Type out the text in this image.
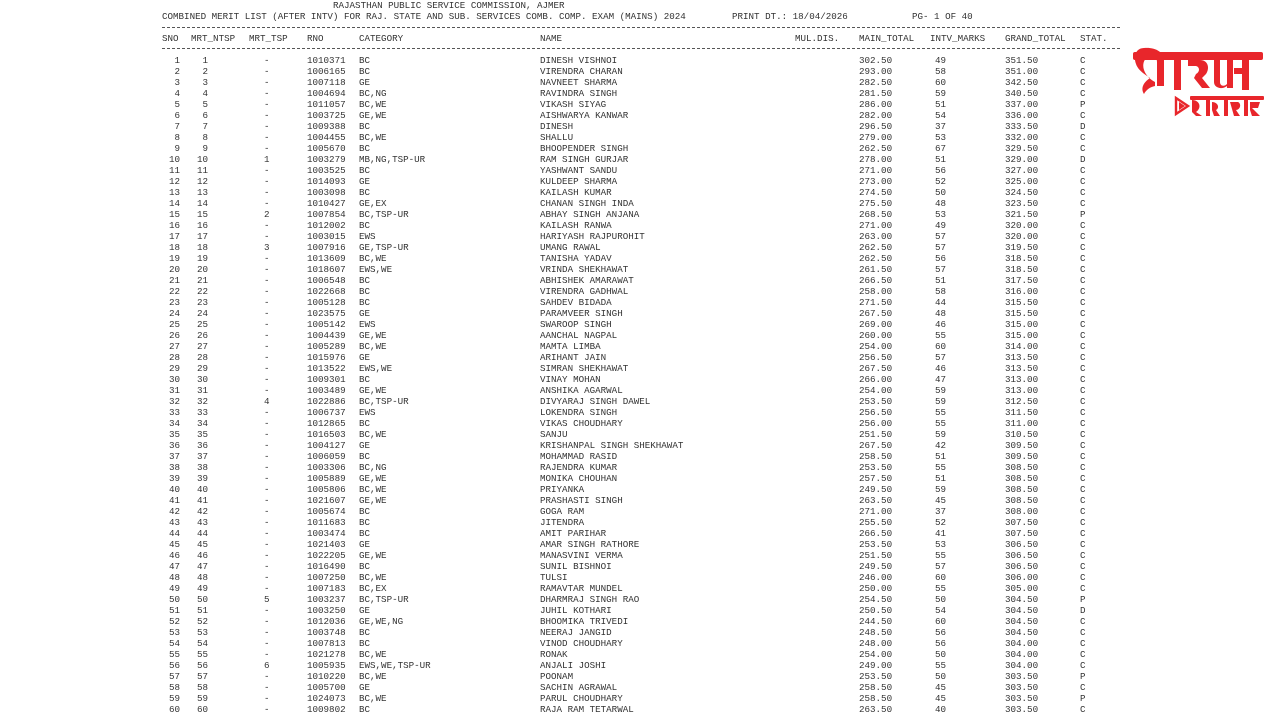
RAJASTHAN PUBLIC SERVICE COMMISSION, AJMER
COMBINED MERIT LIST (AFTER INTV) FOR RAJ. STATE AND SUB. SERVICES COMB. COMP. EXAM (MAINS) 2024	PRINT DT.: 18/04/2026	PG- 1 OF 40
SNO MRT_NTSP MRT_TSP RNO	CATEGORY	NAME	MUL.DIS. MAIN_TOTAL INTV_MARKS GRAND_TOTAL STAT.
1 1	-	1010371 BC	DINESH VISHNOI	302.50	49	351.50	C
2 2	-	1006165 BC	VIRENDRA CHARAN	293.00	58	351.00	C
3 3	-	1007118 GE	NAVNEET SHARMA	282.50	60	342.50	C
4 4	-	1004694 BC,NG	RAVINDRA SINGH	281.50	59	340.50	C
5 5	-	1011057 BC,WE	VIKASH SIYAG	286.00	51	337.00	P
6 6	-	1003725 GE,WE	AISHWARYA KANWAR	282.00	54	336.00	C
7 7	-	1009388 BC	DINESH	296.50	37	333.50	D
8 8	-	1004455 BC,WE	SHALLU	279.00	53	332.00	C
9 9	-	1005670 BC	BHOOPENDER SINGH	262.50	67	329.50	C
10 10	1	1003279 MB,NG,TSP-UR	RAM SINGH GURJAR	278.00	51	329.00	D
11 11	-	1003525 BC	YASHWANT SANDU	271.00	56	327.00	C
12 12	-	1014093 GE	KULDEEP SHARMA	273.00	52	325.00	C
13 13	-	1003098 BC	KAILASH KUMAR	274.50	50	324.50	C
14 14	-	1010427 GE,EX	CHANAN SINGH INDA	275.50	48	323.50	C
15 15	2	1007854 BC,TSP-UR	ABHAY SINGH ANJANA	268.50	53	321.50	P
16 16	-	1012002 BC	KAILASH RANWA	271.00	49	320.00	C
17 17	-	1003015 EWS	HARIYASH RAJPUROHIT	263.00	57	320.00	C
18 18	3	1007916 GE,TSP-UR	UMANG RAWAL	262.50	57	319.50	C
19 19	-	1013609 BC,WE	TANISHA YADAV	262.50	56	318.50	C
20 20	-	1018607 EWS,WE	VRINDA SHEKHAWAT	261.50	57	318.50	C
21 21	-	1006548 BC	ABHISHEK AMARAWAT	266.50	51	317.50	C
22 22	-	1022668 BC	VIRENDRA GADHWAL	258.00	58	316.00	C
23 23	-	1005128 BC	SAHDEV BIDADA	271.50	44	315.50	C
24 24	-	1023575 GE	PARAMVEER SINGH	267.50	48	315.50	C
25 25	-	1005142 EWS	SWAROOP SINGH	269.00	46	315.00	C
26 26	-	1004439 GE,WE	AANCHAL NAGPAL	260.00	55	315.00	C
27 27	-	1005289 BC,WE	MAMTA LIMBA	254.00	60	314.00	C
28 28	-	1015976 GE	ARIHANT JAIN	256.50	57	313.50	C
29 29	-	1013522 EWS,WE	SIMRAN SHEKHAWAT	267.50	46	313.50	C
30 30	-	1009301 BC	VINAY MOHAN	266.00	47	313.00	C
31 31	-	1003489 GE,WE	ANSHIKA AGARWAL	254.00	59	313.00	C
32 32	4	1022886 BC,TSP-UR	DIVYARAJ SINGH DAWEL	253.50	59	312.50	C
33 33	-	1006737 EWS	LOKENDRA SINGH	256.50	55	311.50	C
34 34	-	1012865 BC	VIKAS CHOUDHARY	256.00	55	311.00	C
35 35	-	1016503 BC,WE	SANJU	251.50	59	310.50	C
36 36	-	1004127 GE	KRISHANPAL SINGH SHEKHAWAT	267.50	42	309.50	C
37 37	-	1006059 BC	MOHAMMAD RASID	258.50	51	309.50	C
38 38	-	1003306 BC,NG	RAJENDRA KUMAR	253.50	55	308.50	C
39 39	-	1005889 GE,WE	MONIKA CHOUHAN	257.50	51	308.50	C
40 40	-	1005806 BC,WE	PRIYANKA	249.50	59	308.50	C
41 41	-	1021607 GE,WE	PRASHASTI SINGH	263.50	45	308.50	C
42 42	-	1005674 BC	GOGA RAM	271.00	37	308.00	C
43 43	-	1011683 BC	JITENDRA	255.50	52	307.50	C
44 44	-	1003474 BC	AMIT PARIHAR	266.50	41	307.50	C
45 45	-	1021403 GE	AMAR SINGH RATHORE	253.50	53	306.50	C
46 46	-	1022205 GE,WE	MANASVINI VERMA	251.50	55	306.50	C
47 47	-	1016490 BC	SUNIL BISHNOI	249.50	57	306.50	C
48 48	-	1007250 BC,WE	TULSI	246.00	60	306.00	C
49 49	-	1007183 BC,EX	RAMAVTAR MUNDEL	250.00	55	305.00	C
50 50	5	1003237 BC,TSP-UR	DHARMRAJ SINGH RAO	254.50	50	304.50	P
51 51	-	1003250 GE	JUHIL KOTHARI	250.50	54	304.50	D
52 52	-	1012036 GE,WE,NG	BHOOMIKA TRIVEDI	244.50	60	304.50	C
53 53	-	1003748 BC	NEERAJ JANGID	248.50	56	304.50	C
54 54	-	1007813 BC	VINOD CHOUDHARY	248.00	56	304.00	C
55 55	-	1021278 BC,WE	RONAK	254.00	50	304.00	C
56 56	6	1005935 EWS,WE,TSP-UR	ANJALI JOSHI	249.00	55	304.00	C
57 57	-	1010220 BC,WE	POONAM	253.50	50	303.50	P
58 58	-	1005700 GE	SACHIN AGRAWAL	258.50	45	303.50	C
59 59	-	1024073 BC,WE	PARUL CHOUDHARY	258.50	45	303.50	P
60 60	-	1009802 BC	RAJA RAM TETARWAL	263.50	40	303.50	C
